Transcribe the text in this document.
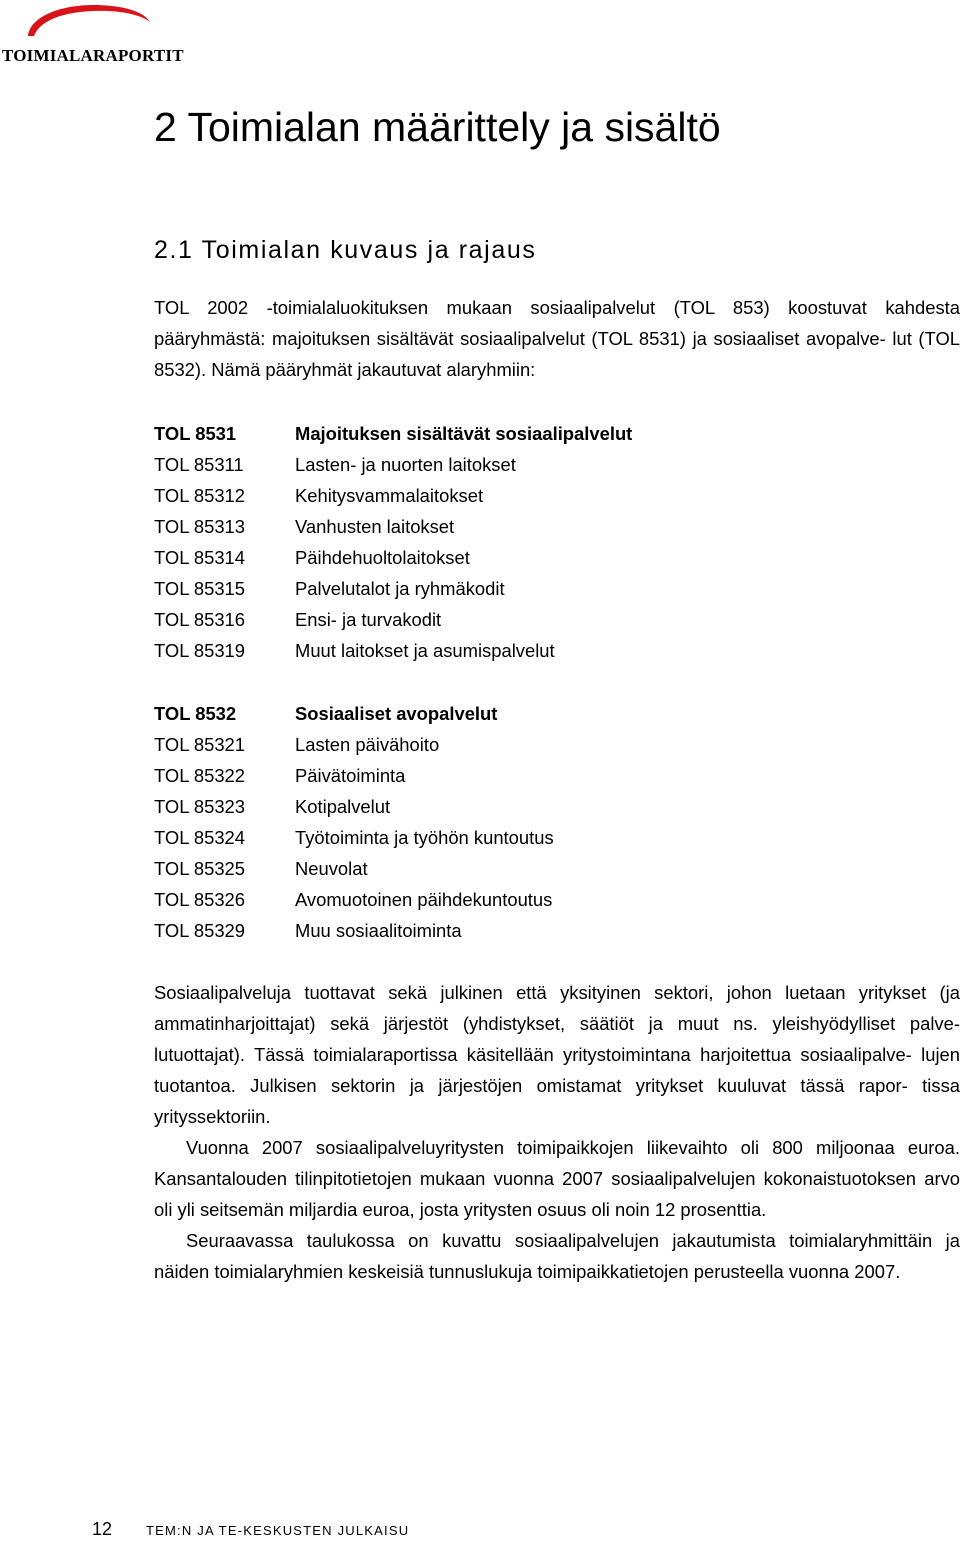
TOIMIALARAPORTIT
2 Toimialan määrittely ja sisältö
2.1 Toimialan kuvaus ja rajaus

TOL 2002 -toimialaluokituksen mukaan sosiaalipalvelut (TOL 853) koostuvat kahdesta pääryhmästä: majoituksen sisältävät sosiaalipalvelut (TOL 8531) ja sosiaaliset avopalve- lut (TOL 8532). Nämä pääryhmät jakautuvat alaryhmiin:

TOL 8531	Majoituksen sisältävät sosiaalipalvelut
TOL 85311	Lasten- ja nuorten laitokset
TOL 85312	Kehitysvammalaitokset
TOL 85313	Vanhusten laitokset
TOL 85314	Päihdehuoltolaitokset
TOL 85315	Palvelutalot ja ryhmäkodit
TOL 85316	Ensi- ja turvakodit
TOL 85319	Muut laitokset ja asumispalvelut
TOL 8532	Sosiaaliset avopalvelut
TOL 85321	Lasten päivähoito
TOL 85322	Päivätoiminta
TOL 85323	Kotipalvelut
TOL 85324	Työtoiminta ja työhön kuntoutus
TOL 85325	Neuvolat
TOL 85326	Avomuotoinen päihdekuntoutus
TOL 85329	Muu sosiaalitoiminta

Sosiaalipalveluja tuottavat sekä julkinen että yksityinen sektori, johon luetaan yritykset (ja ammatinharjoittajat) sekä järjestöt (yhdistykset, säätiöt ja muut ns. yleishyödylliset palve- lutuottajat). Tässä toimialaraportissa käsitellään yritystoimintana harjoitettua sosiaalipalve- lujen tuotantoa. Julkisen sektorin ja järjestöjen omistamat yritykset kuuluvat tässä rapor- tissa yrityssektoriin.

Vuonna 2007 sosiaalipalveluyritysten toimipaikkojen liikevaihto oli 800 miljoonaa euroa. Kansantalouden tilinpitotietojen mukaan vuonna 2007 sosiaalipalvelujen kokonaistuotoksen arvo oli yli seitsemän miljardia euroa, josta yritysten osuus oli noin 12 prosenttia.

Seuraavassa taulukossa on kuvattu sosiaalipalvelujen jakautumista toimialaryhmittäin ja näiden toimialaryhmien keskeisiä tunnuslukuja toimipaikkatietojen perusteella vuonna 2007.

12	TEM:N JA TE-KESKUSTEN JULKAISU
